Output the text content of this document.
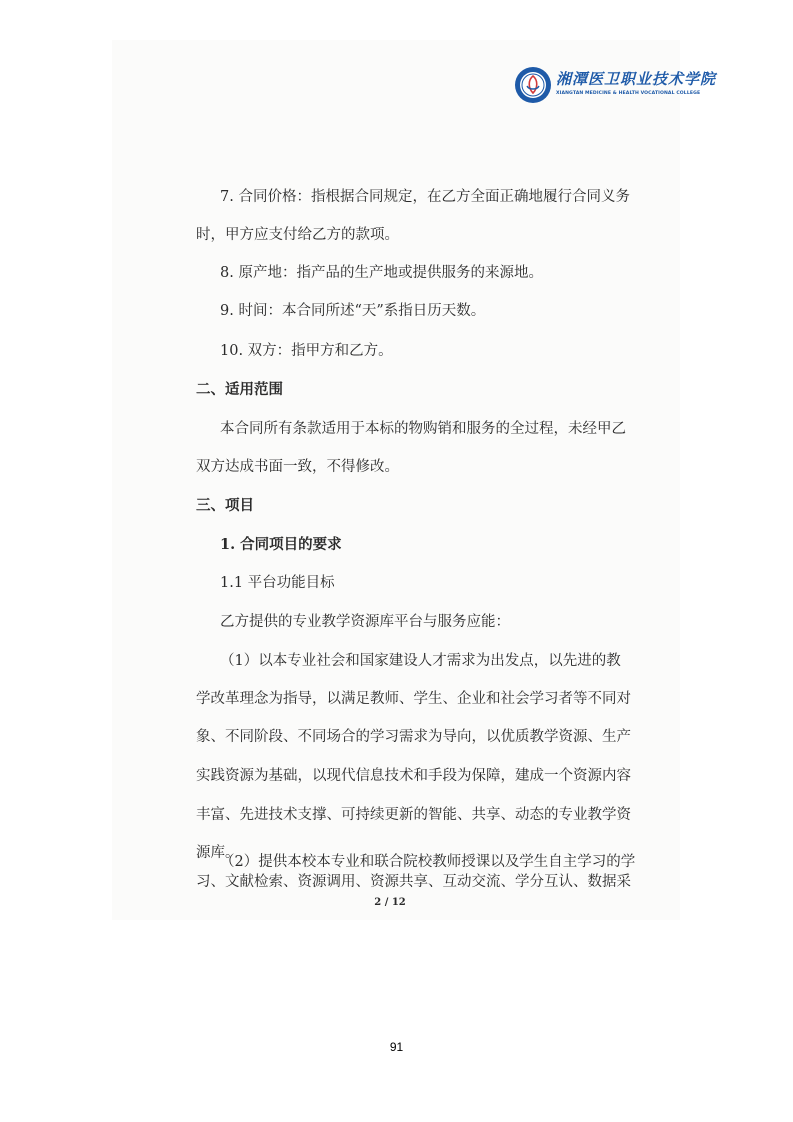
湘潭医卫职业技术学院
XIANGTAN MEDICINE & HEALTH VOCATIONAL COLLEGE
7. 合同价格：指根据合同规定，在乙方全面正确地履行合同义务
时，甲方应支付给乙方的款项。
8. 原产地：指产品的生产地或提供服务的来源地。
9. 时间：本合同所述“天”系指日历天数。
10. 双方：指甲方和乙方。
二、适用范围
本合同所有条款适用于本标的物购销和服务的全过程，未经甲乙
双方达成书面一致，不得修改。
三、项目
1. 合同项目的要求
1.1 平台功能目标
乙方提供的专业教学资源库平台与服务应能：
（1）以本专业社会和国家建设人才需求为出发点，以先进的教
学改革理念为指导，以满足教师、学生、企业和社会学习者等不同对
象、不同阶段、不同场合的学习需求为导向，以优质教学资源、生产
实践资源为基础，以现代信息技术和手段为保障，建成一个资源内容
丰富、先进技术支撑、可持续更新的智能、共享、动态的专业教学资
源库。
（2）提供本校本专业和联合院校教师授课以及学生自主学习的学
习、文献检索、资源调用、资源共享、互动交流、学分互认、数据采
2 / 12
91
